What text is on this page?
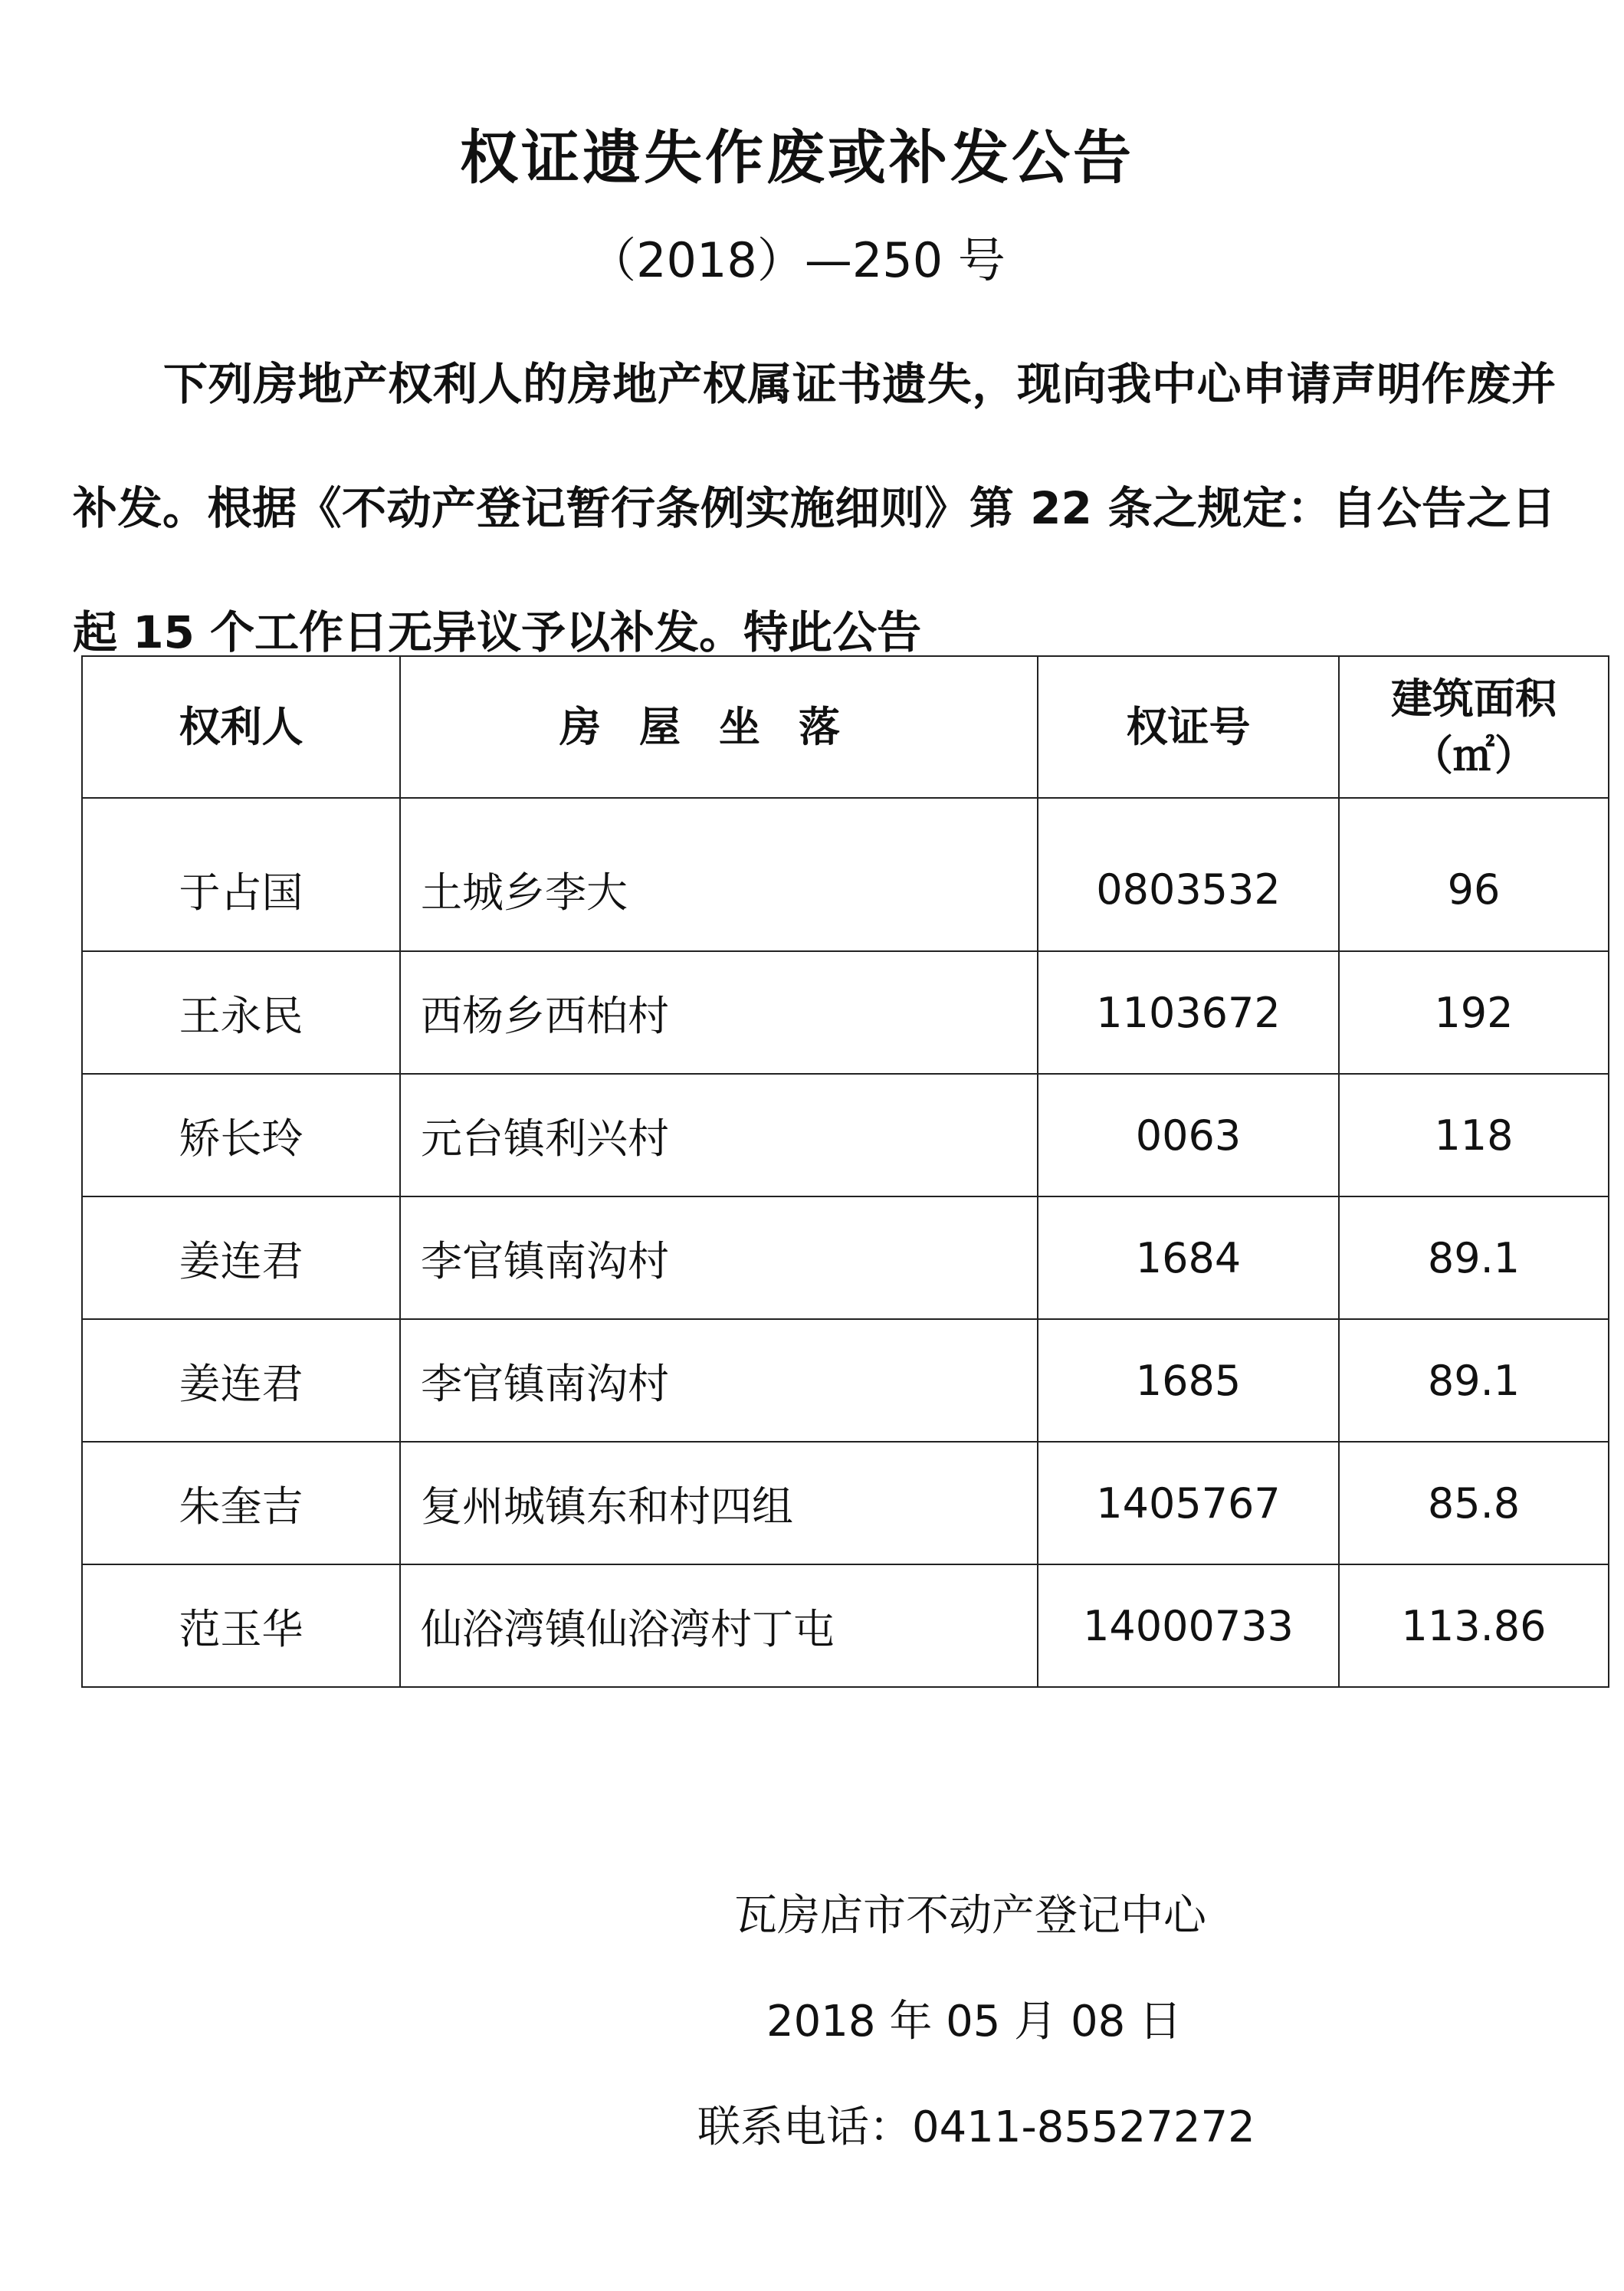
权证遗失作废或补发公告
（2018）—250 号
下列房地产权利人的房地产权属证书遗失，现向我中心申请声明作废并补发。根据《不动产登记暂行条例实施细则》第 22 条之规定：自公告之日起 15 个工作日无异议予以补发。特此公告
权利人	房屋坐落	权证号	建筑面积
（㎡）

于占国	土城乡李大	0803532	96
王永民	西杨乡西柏村	1103672	192
矫长玲	元台镇利兴村	0063	118
姜连君	李官镇南沟村	1684	89.1
姜连君	李官镇南沟村	1685	89.1
朱奎吉	复州城镇东和村四组	1405767	85.8
范玉华	仙浴湾镇仙浴湾村丁屯	14000733	113.86
瓦房店市不动产登记中心
2018 年 05 月 08 日
联系电话：0411-85527272
